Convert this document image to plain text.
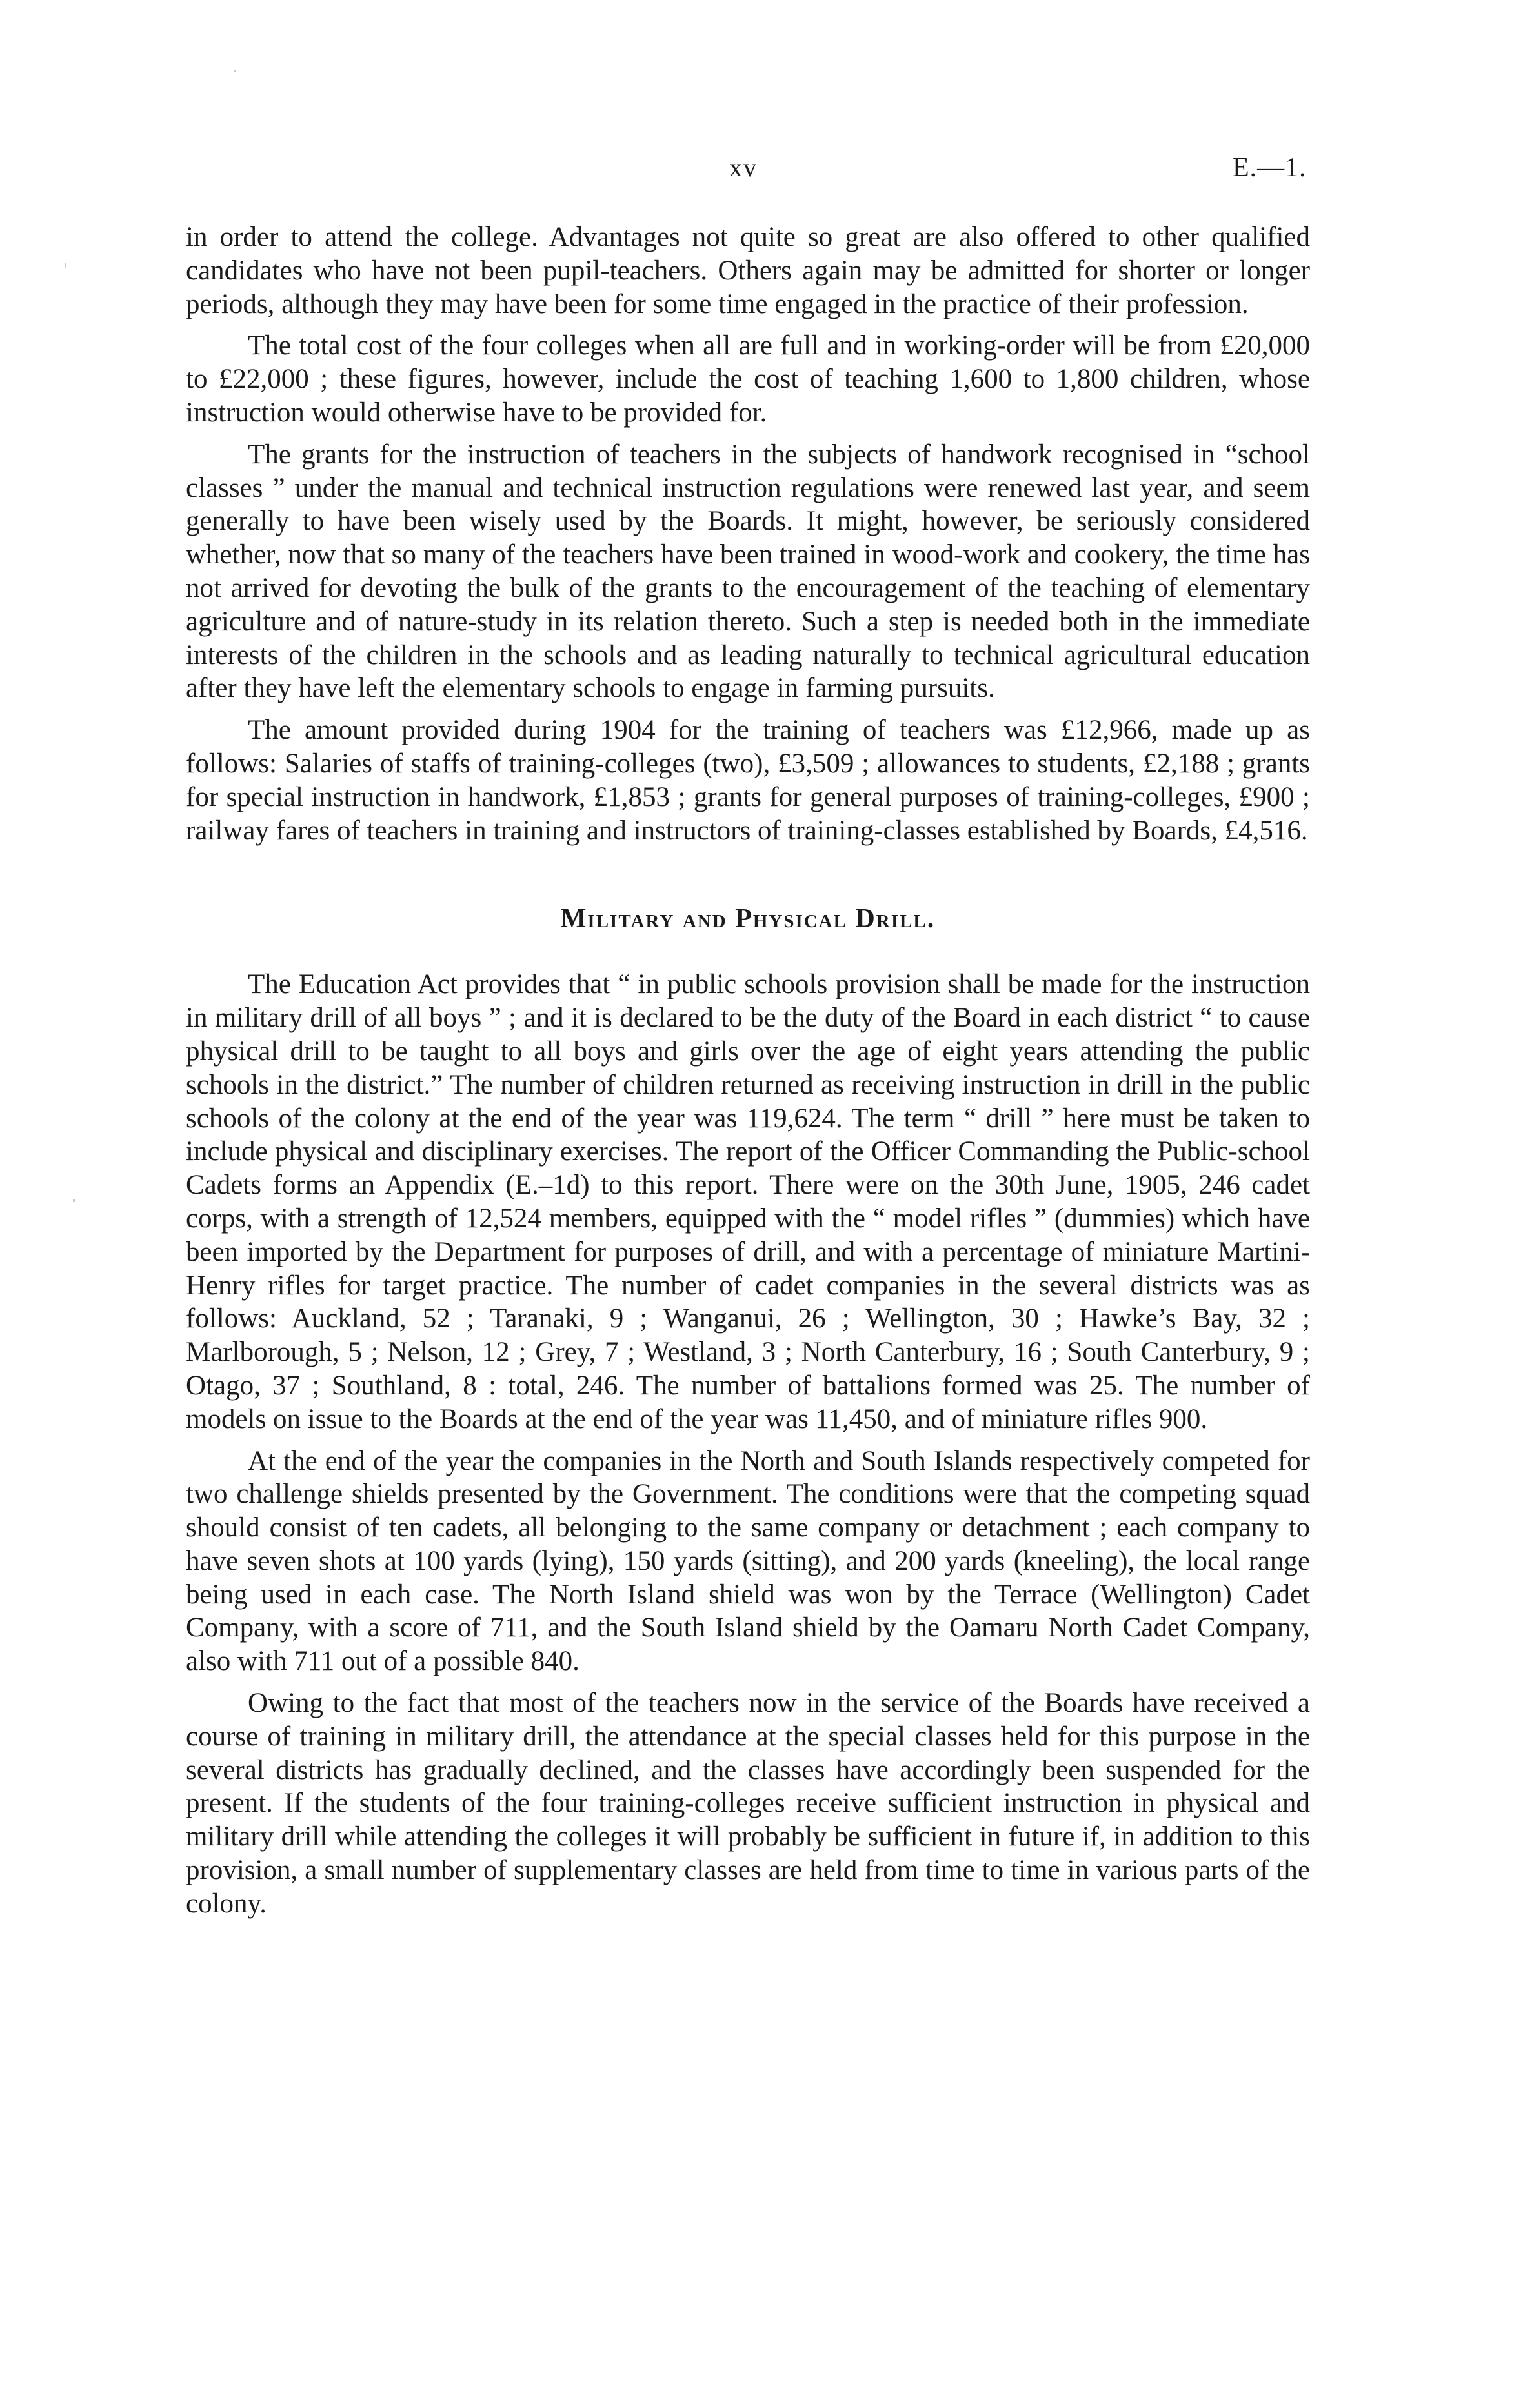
xv	E.—1.

in order to attend the college. Advantages not quite so great are also offered to other qualified candidates who have not been pupil-teachers. Others again may be admitted for shorter or longer periods, although they may have been for some time engaged in the practice of their profession.

The total cost of the four colleges when all are full and in working-order will be from £20,000 to £22,000 ; these figures, however, include the cost of teaching 1,600 to 1,800 children, whose instruction would otherwise have to be provided for.

The grants for the instruction of teachers in the subjects of handwork recognised in “school classes ” under the manual and technical instruction regulations were renewed last year, and seem generally to have been wisely used by the Boards. It might, however, be seriously considered whether, now that so many of the teachers have been trained in wood-work and cookery, the time has not arrived for devoting the bulk of the grants to the encouragement of the teaching of elementary agriculture and of nature-study in its relation thereto. Such a step is needed both in the immediate interests of the children in the schools and as leading naturally to technical agricultural education after they have left the elementary schools to engage in farming pursuits.

The amount provided during 1904 for the training of teachers was £12,966, made up as follows: Salaries of staffs of training-colleges (two), £3,509 ; allowances to students, £2,188 ; grants for special instruction in handwork, £1,853 ; grants for general purposes of training-colleges, £900 ; railway fares of teachers in training and instructors of training-classes established by Boards, £4,516.

Military and Physical Drill.

The Education Act provides that “ in public schools provision shall be made for the instruction in military drill of all boys ” ; and it is declared to be the duty of the Board in each district “ to cause physical drill to be taught to all boys and girls over the age of eight years attending the public schools in the district.” The number of children returned as receiving instruction in drill in the public schools of the colony at the end of the year was 119,624. The term “ drill ” here must be taken to include physical and disciplinary exercises. The report of the Officer Commanding the Public-school Cadets forms an Appendix (E.–1d) to this report. There were on the 30th June, 1905, 246 cadet corps, with a strength of 12,524 members, equipped with the “ model rifles ” (dummies) which have been imported by the Department for purposes of drill, and with a percentage of miniature Martini-Henry rifles for target practice. The number of cadet companies in the several districts was as follows: Auckland, 52 ; Taranaki, 9 ; Wanganui, 26 ; Wellington, 30 ; Hawke’s Bay, 32 ; Marlborough, 5 ; Nelson, 12 ; Grey, 7 ; Westland, 3 ; North Canterbury, 16 ; South Canterbury, 9 ; Otago, 37 ; Southland, 8 : total, 246. The number of battalions formed was 25. The number of models on issue to the Boards at the end of the year was 11,450, and of miniature rifles 900.

At the end of the year the companies in the North and South Islands respectively competed for two challenge shields presented by the Government. The conditions were that the competing squad should consist of ten cadets, all belonging to the same company or detachment ; each company to have seven shots at 100 yards (lying), 150 yards (sitting), and 200 yards (kneeling), the local range being used in each case. The North Island shield was won by the Terrace (Wellington) Cadet Company, with a score of 711, and the South Island shield by the Oamaru North Cadet Company, also with 711 out of a possible 840.

Owing to the fact that most of the teachers now in the service of the Boards have received a course of training in military drill, the attendance at the special classes held for this purpose in the several districts has gradually declined, and the classes have accordingly been suspended for the present. If the students of the four training-colleges receive sufficient instruction in physical and military drill while attending the colleges it will probably be sufficient in future if, in addition to this provision, a small number of supplementary classes are held from time to time in various parts of the colony.
